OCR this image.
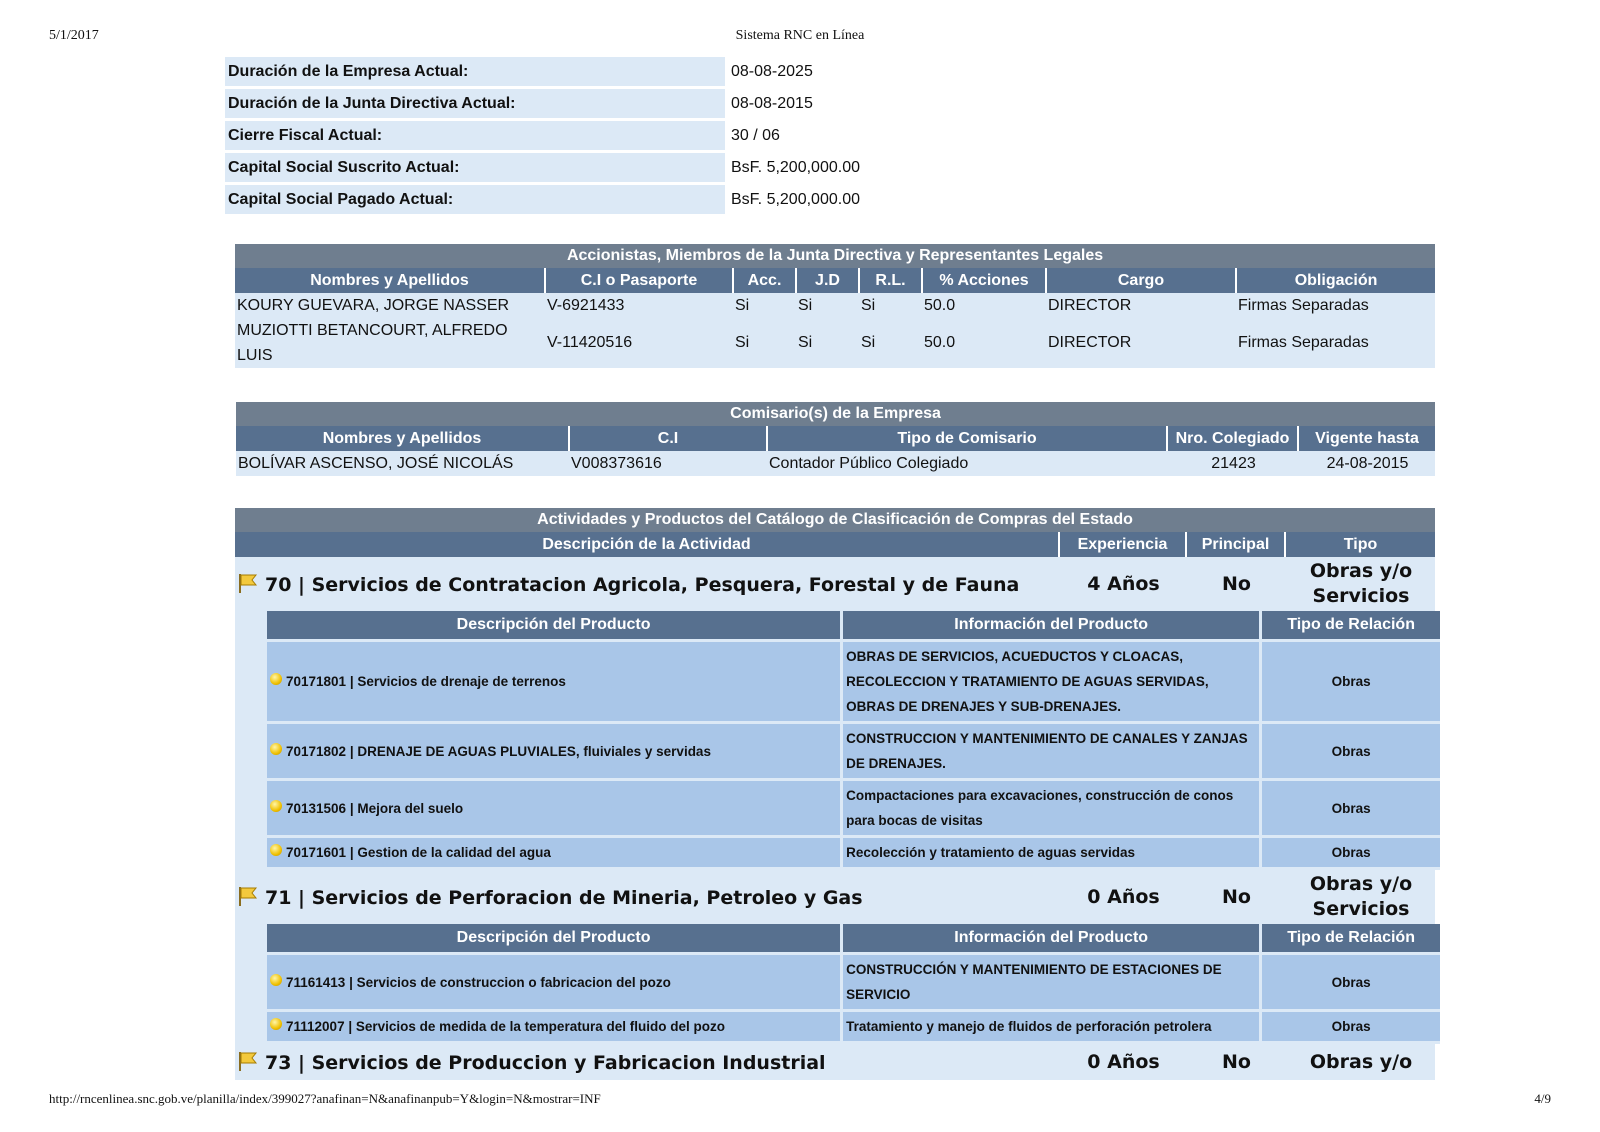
5/1/2017	Sistema RNC en Línea
Duración de la Empresa Actual:	08-08-2025
Duración de la Junta Directiva Actual:	08-08-2015
Cierre Fiscal Actual:	30 / 06
Capital Social Suscrito Actual:	BsF. 5,200,000.00
Capital Social Pagado Actual:	BsF. 5,200,000.00
Accionistas, Miembros de la Junta Directiva y Representantes Legales							
Nombres y Apellidos	C.I o Pasaporte	Acc.	J.D	R.L.	% Acciones	Cargo	Obligación
KOURY GUEVARA, JORGE NASSER	V-6921433	Si	Si	Si	50.0	DIRECTOR	Firmas Separadas
MUZIOTTI BETANCOURT, ALFREDO LUIS	V-11420516	Si	Si	Si	50.0	DIRECTOR	Firmas Separadas
Comisario(s) de la Empresa				
Nombres y Apellidos	C.I	Tipo de Comisario	Nro. Colegiado	Vigente hasta
BOLÍVAR ASCENSO, JOSÉ NICOLÁS	V008373616	Contador Público Colegiado	21423	24-08-2015
Actividades y Productos del Catálogo de Clasificación de Compras del Estado
Descripción de la Actividad	Experiencia	Principal	Tipo
70 | Servicios de Contratacion Agricola, Pesquera, Forestal y de Fauna	4 Años	No	Obras y/o Servicios

Descripción del Producto	Información del Producto	Tipo de Relación
70171801 | Servicios de drenaje de terrenos	OBRAS DE SERVICIOS, ACUEDUCTOS Y CLOACAS, RECOLECCION Y TRATAMIENTO DE AGUAS SERVIDAS, OBRAS DE DRENAJES Y SUB-DRENAJES.	Obras
70171802 | DRENAJE DE AGUAS PLUVIALES, fluiviales y servidas	CONSTRUCCION Y MANTENIMIENTO DE CANALES Y ZANJAS DE DRENAJES.	Obras
70131506 | Mejora del suelo	Compactaciones para excavaciones, construcción de conos para bocas de visitas	Obras
70171601 | Gestion de la calidad del agua	Recolección y tratamiento de aguas servidas	Obras

71 | Servicios de Perforacion de Mineria, Petroleo y Gas	0 Años	No	Obras y/o Servicios

Descripción del Producto	Información del Producto	Tipo de Relación
71161413 | Servicios de construccion o fabricacion del pozo	CONSTRUCCIÓN Y MANTENIMIENTO DE ESTACIONES DE SERVICIO	Obras
71112007 | Servicios de medida de la temperatura del fluido del pozo	Tratamiento y manejo de fluidos de perforación petrolera	Obras

73 | Servicios de Produccion y Fabricacion Industrial	0 Años	No	Obras y/o
http://rncenlinea.snc.gob.ve/planilla/index/399027?anafinan=N&anafinanpub=Y&login=N&mostrar=INF	4/9
